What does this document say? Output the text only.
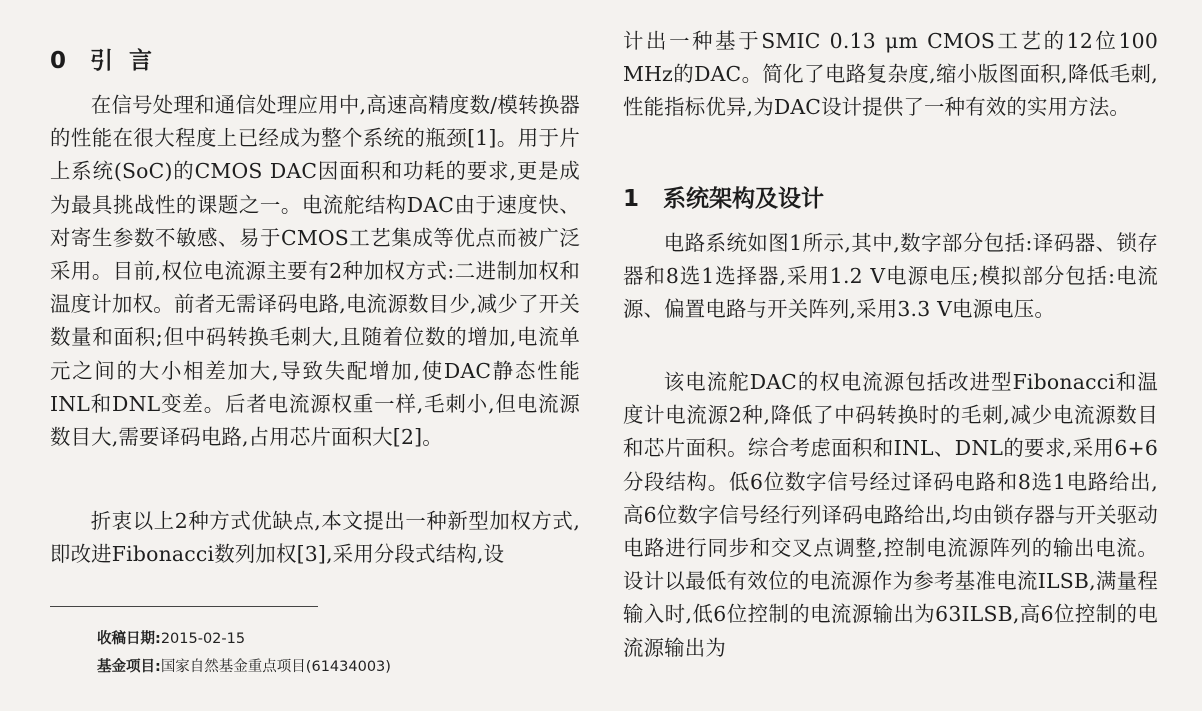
0 引  言

在信号处理和通信处理应用中,高速高精度数/模转换器的性能在很大程度上已经成为整个系统的瓶颈[1]。用于片上系统(SoC)的CMOS DAC因面积和功耗的要求,更是成为最具挑战性的课题之一。电流舵结构DAC由于速度快、对寄生参数不敏感、易于CMOS工艺集成等优点而被广泛采用。目前,权位电流源主要有2种加权方式:二进制加权和温度计加权。前者无需译码电路,电流源数目少,减少了开关数量和面积;但中码转换毛刺大,且随着位数的增加,电流单元之间的大小相差加大,导致失配增加,使DAC静态性能INL和DNL变差。后者电流源权重一样,毛刺小,但电流源数目大,需要译码电路,占用芯片面积大[2]。

折衷以上2种方式优缺点,本文提出一种新型加权方式,即改进Fibonacci数列加权[3],采用分段式结构,设

收稿日期:2015-02-15
基金项目:国家自然基金重点项目(61434003)

计出一种基于SMIC 0.13 μm CMOS工艺的12位100 MHz的DAC。简化了电路复杂度,缩小版图面积,降低毛刺,性能指标优异,为DAC设计提供了一种有效的实用方法。

1 系统架构及设计

电路系统如图1所示,其中,数字部分包括:译码器、锁存器和8选1选择器,采用1.2 V电源电压;模拟部分包括:电流源、偏置电路与开关阵列,采用3.3 V电源电压。

该电流舵DAC的权电流源包括改进型Fibonacci和温度计电流源2种,降低了中码转换时的毛刺,减少电流源数目和芯片面积。综合考虑面积和INL、DNL的要求,采用6+6分段结构。低6位数字信号经过译码电路和8选1电路给出,高6位数字信号经行列译码电路给出,均由锁存器与开关驱动电路进行同步和交叉点调整,控制电流源阵列的输出电流。设计以最低有效位的电流源作为参考基准电流ILSB,满量程输入时,低6位控制的电流源输出为63ILSB,高6位控制的电流源输出为
